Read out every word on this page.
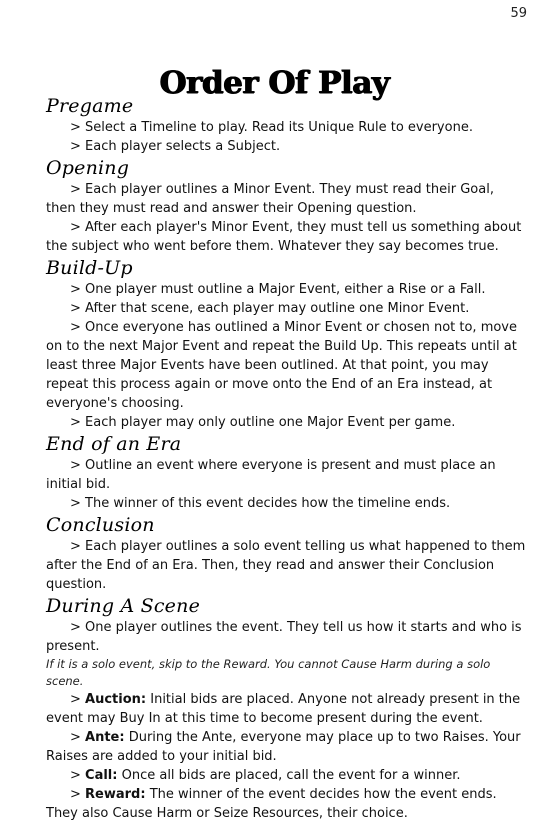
59
Order Of Play
Pregame

> Select a Timeline to play. Read its Unique Rule to everyone.

> Each player selects a Subject.

Opening

> Each player outlines a Minor Event. They must read their Goal, then they must read and answer their Opening question.

> After each player's Minor Event, they must tell us something about the subject who went before them. Whatever they say becomes true.

Build-Up

> One player must outline a Major Event, either a Rise or a Fall.

> After that scene, each player may outline one Minor Event.

> Once everyone has outlined a Minor Event or chosen not to, move on to the next Major Event and repeat the Build Up. This repeats until at least three Major Events have been outlined. At that point, you may repeat this process again or move onto the End of an Era instead, at everyone's choosing.

> Each player may only outline one Major Event per game.

End of an Era

> Outline an event where everyone is present and must place an initial bid.

> The winner of this event decides how the timeline ends.

Conclusion

> Each player outlines a solo event telling us what happened to them after the End of an Era. Then, they read and answer their Conclusion question.

During A Scene

> One player outlines the event. They tell us how it starts and who is present.

If it is a solo event, skip to the Reward. You cannot Cause Harm during a solo scene.

> Auction: Initial bids are placed. Anyone not already present in the event may Buy In at this time to become present during the event.

> Ante: During the Ante, everyone may place up to two Raises. Your Raises are added to your initial bid.

> Call: Once all bids are placed, call the event for a winner.

> Reward: The winner of the event decides how the event ends. They also Cause Harm or Seize Resources, their choice.
